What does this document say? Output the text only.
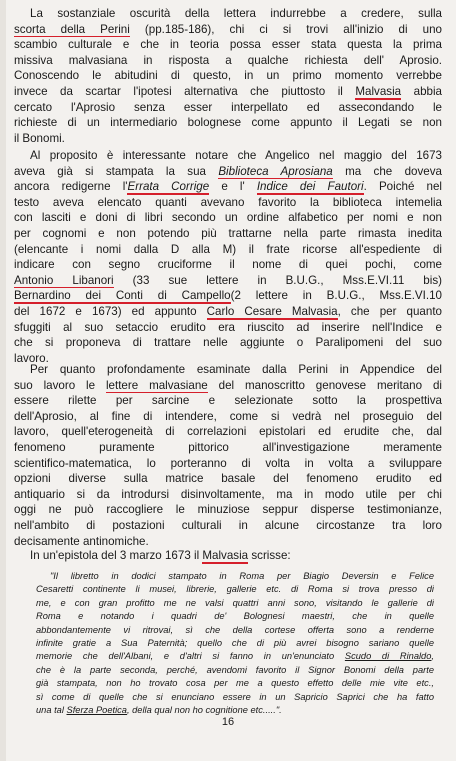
La sostanziale oscurità della lettera indurrebbe a credere, sulla
scorta della Perini (pp.185-186), chi ci si trovi all'inizio di uno
scambio culturale e che in teoria possa esser stata questa la prima
missiva malvasiana in risposta a qualche richiesta dell' Aprosio.
Conoscendo le abitudini di questo, in un primo momento verrebbe
invece da scartar l'ipotesi alternativa che piuttosto il Malvasia abbia
cercato l'Aprosio senza esser interpellato ed assecondando le
richieste di un intermediario bolognese come appunto il Legati se non
il Bonomi.
Al proposito è interessante notare che Angelico nel maggio del 1673
aveva già si stampata la sua Biblioteca Aprosiana ma che doveva
ancora redigerne l'Errata Corrige e l' Indice dei Fautori. Poiché nel
testo aveva elencato quanti avevano favorito la biblioteca intemelia
con lasciti e doni di libri secondo un ordine alfabetico per nomi e non
per cognomi e non potendo più trattarne nella parte rimasta inedita
(elencante i nomi dalla D alla M) il frate ricorse all'espediente di
indicare con segno cruciforme il nome di quei pochi, come
Antonio Libanori (33 sue lettere in B.U.G., Mss.E.VI.11 bis)
Bernardino dei Conti di Campello(2 lettere in B.U.G., Mss.E.VI.10
del 1672 e 1673) ed appunto Carlo Cesare Malvasia, che per quanto
sfuggiti al suo setaccio erudito era riuscito ad inserire nell'Indice e
che si proponeva di trattare nelle aggiunte o Paralipomeni del suo
lavoro.
Per quanto profondamente esaminate dalla Perini in Appendice del
suo lavoro le lettere malvasiane del manoscritto genovese meritano di
essere rilette per sarcine e selezionate sotto la prospettiva
dell'Aprosio, al fine di intendere, come si vedrà nel proseguio del
lavoro, quell'eterogeneità di correlazioni epistolari ed erudite che, dal
fenomeno puramente pittorico all'investigazione meramente
scientifico-matematica, lo porteranno di volta in volta a sviluppare
opzioni diverse sulla matrice basale del fenomeno erudito ed
antiquario si da introdursi disinvoltamente, ma in modo utile per chi
oggi ne può raccogliere le minuziose seppur disperse testimonianze,
nell'ambito di postazioni culturali in alcune circostanze tra loro
decisamente antinomiche.
In un'epistola del 3 marzo 1673 il Malvasia scrisse:
"Il libretto in dodici stampato in Roma per Biagio Deversin e Felice
Cesaretti continente li musei, librerie, gallerie etc. di Roma si trova presso di
me, e con gran profitto me ne valsi quattri anni sono, visitando le gallerie di
Roma e notando i quadri de' Bolognesi maestri, che in quelle
abbondantemente vi ritrovai, sì che della cortese offerta sono a renderne
infinite gratie a Sua Paternità; quello che di più avrei bisogno sariano quelle
memorie che dell'Albani, e d'altri si fanno in un'enunciato Scudo di Rinaldo,
che è la parte seconda, perché, avendomi favorito il Signor Bonomi della parte
già stampata, non ho trovato cosa per me a questo effetto delle mie vite etc.,
sì come di quelle che si enunciano essere in un Sapricio Saprici che ha fatto
una tal Sferza Poetica, della qual non ho cognitione etc.....".
16
